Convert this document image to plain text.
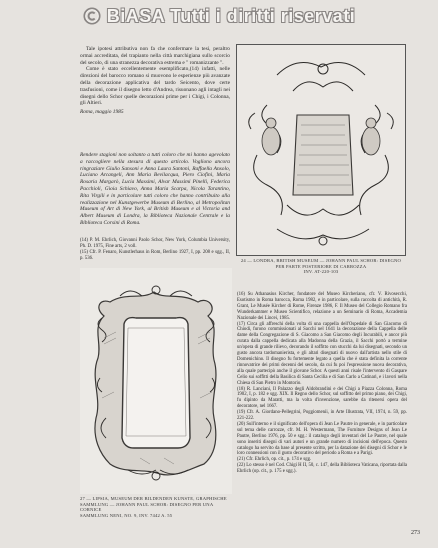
BiASA Tutti i diritti riservati

Tale ipotesi attributiva non fa che confermare la tesi, peraltro ormai accreditata, del trapianto nella città marchigiana sullo scorcio del secolo, di una stranezza decorativa estrema e " romanizzante ".

Come è stato eccellentemente esemplificato,(14) infatti, nelle direzioni del barocco romano si muovono le esperienze più avanzate della decorazione applicativa del tardo Seicento, dove certe trasfusioni, come il disegno letto d'Andrea, risuonano agli intagli nei disegni dello Schor quelle decorazioni prime per i Chigi, i Colonna, gli Altieri.

Roma, maggio 1985

Rendere stagioni non soltanto a tutti coloro che mi hanno agevolato a raccogliere nella stesura di questo articolo. Vogliono ancora ringraziare Giulio Sansoni e Anna Laura Santoni, Raffaella Ansolo, Luciano Arcangeli, Ann Maria Bevilacqua, Piero Ciofini, Maria Rosaria Margarò, Lucia Massimi, Alvar Massimi Pinelli, Federica Pacchioli, Gioia Schiavo, Anna Maria Scarpa, Nicola Tarantino, Rita Virgili e in particolare tutti coloro che hanno contribuito alla realizzazione nel Kunstgewerbe Museum di Berlino, al Metropolitan Museum of Art di New York, al British Museum e al Victoria and Albert Museum di Londra, la Biblioteca Nazionale Centrale e la Biblioteca Corsini di Roma.

(14) P. M. Ehrlich, Giovanni Paolo Schor, New York, Columbia University, Ph. D. 1975, Fine arts, 2 voll.

(15) Cfr. P. Fenaro, Kunstlerhaus in Rom, Berlino 1927, I, pp. 208 e sgg., II, p. 536.

27 — LIPSIA, MUSEUM DER BILDENDEN KUNSTE, GRAPHISCHE SAMMLUNG — JOHANN PAUL SCHOR: DISEGNO PER UNA CORNICE
SAMMLUNG NENI, NO. 9, INV. 7442 A. 55
24 — LONDRA, BRITISH MUSEUM — JOHANN PAUL SCHOR: DISEGNO PER PARTE POSTERIORE DI CARROZZA
INV. AT-220-103

(16) Su Athanasius Kircher, fondatore del Museo Kircheriano, cfr. V. Rivosecchi, Esotismo in Roma barocca, Roma 1982, e in particolare, sulla raccolta di antichità, R. Grant, Le Musée Kircher di Rome, Firenze 1986, F. Il Museo del Collegio Romano fra Wunderkammer e Museo Scientifico, relazione a un Seminario di Roma, Accademia Nazionale dei Lincei, 1985.

(17) Circa gli affreschi della volta di una cappella dell'Ospedale di San Giacomo di Chiodi, furono commissionati al Sacchi nel 1641 la decorazione della Cappella delle dame della Congregazione di S. Giacomo a San Giacomo degli Incurabili, e ancor più curata dalla cappella dedicata alla Madonna della Grazia, il Sacchi portò a termine un'opera di grande rilievo, decorando il soffitto con stucchi da lui disegnati, secondo un gusto ancora tardomanierista, e gli altari disegnati di nuovo dall'artista nello stile di Domenichino. Il disegno fu fortemente legato a quella che è stata definita la corrente rinnovatrice dei primi decenni del secolo, da cui fu poi l'espressione nuova decorativa, alla quale partecipò anche il giovane Schor. A questi anni risale l'intervento di Gaspare Celio sui soffitti della Basilica di Santa Cecilia e di San Carlo a Catinari, e i lavori nella Chiesa di San Pietro in Montorio.

(18) R. Lanciani, Il Palazzo degli Aldobrandini e dei Chigi a Piazza Colonna, Roma 1902, I, p. 182 e sgg. XIX. Il Regno dello Schor, sul soffitto del primo piano, dei Chigi, fu dipinto da Maratti, ma la volta d'invenzione, sarebbe da ritenersi opera del decoratore, nel 1667.

(19) Cfr. A. Giordano-Pellegrini, Poggiomenii, in Arte Illustrata, VII, 1974, n. 59, pp. 221-222.

(20) Sull'interno e il significato dell'opera di Jean Le Pautre in generale, e in particolare sul tema delle carrozze, cfr. M. H. Westermann, The Furniture Designs of Jean Le Pautre, Berlino 1976, pp. 50 e sgg.: il catalogo degli inventari del Le Pautre, nel quale sono inseriti disegni di vari autori e un grande numero di incisioni dell'epoca. Questo catalogo ha servito da base al presente scritto, per la datazione dei disegni di Schor e le loro connessioni con il gusto decorativo del periodo a Roma e a Parigi.

(21) Cfr. Ehrlich, op. cit., p. 174 e sgg.

(22) Lo stesso è nel Cod. Chigi H II, 50, c. 147, della Biblioteca Vaticana, riportata dalla Ehrlich (op. cit., p. 175 e sgg.).

273
